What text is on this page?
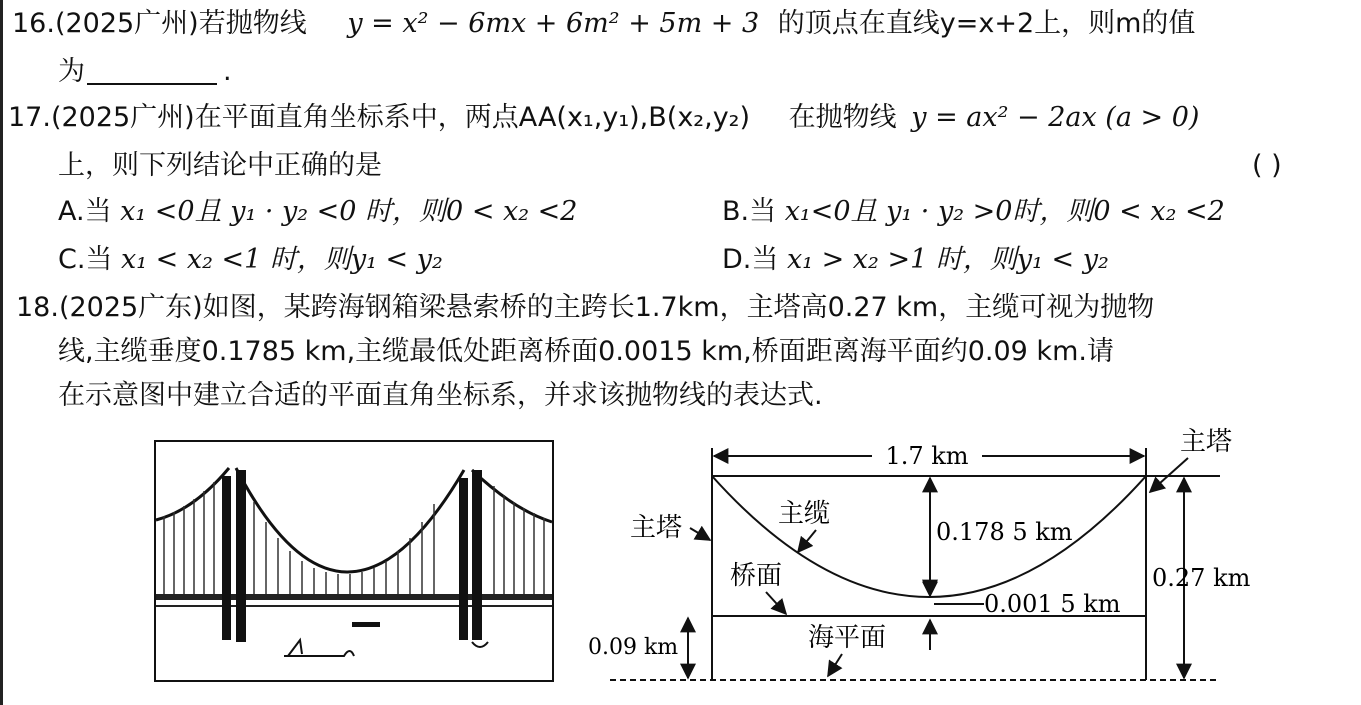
16.(2025广州)若抛物线 y = x² − 6mx + 6m² + 5m + 3 的顶点在直线y=x+2上，则m的值
为	.
17.(2025广州)在平面直角坐标系中，两点AA(x₁,y₁),B(x₂,y₂) 在抛物线 y = ax² − 2ax (a > 0)
上，则下列结论中正确的是	( )
A.当 x₁ <0且 y₁ · y₂ <0 时，则0 < x₂ <2	B.当 x₁<0且 y₁ · y₂ >0时，则0 < x₂ <2
C.当 x₁ < x₂ <1 时，则y₁ < y₂	D.当 x₁ > x₂ >1 时，则y₁ < y₂
18.(2025广东)如图，某跨海钢箱梁悬索桥的主跨长1.7km，主塔高0.27 km，主缆可视为抛物
线,主缆垂度0.1785 km,主缆最低处距离桥面0.0015 km,桥面距离海平面约0.09 km.请
在示意图中建立合适的平面直角坐标系，并求该抛物线的表达式.
1.7 km	主塔
主塔	主缆
0.178 5 km
桥面
0.001 5 km
0.27 km
0.09 km	海平面
